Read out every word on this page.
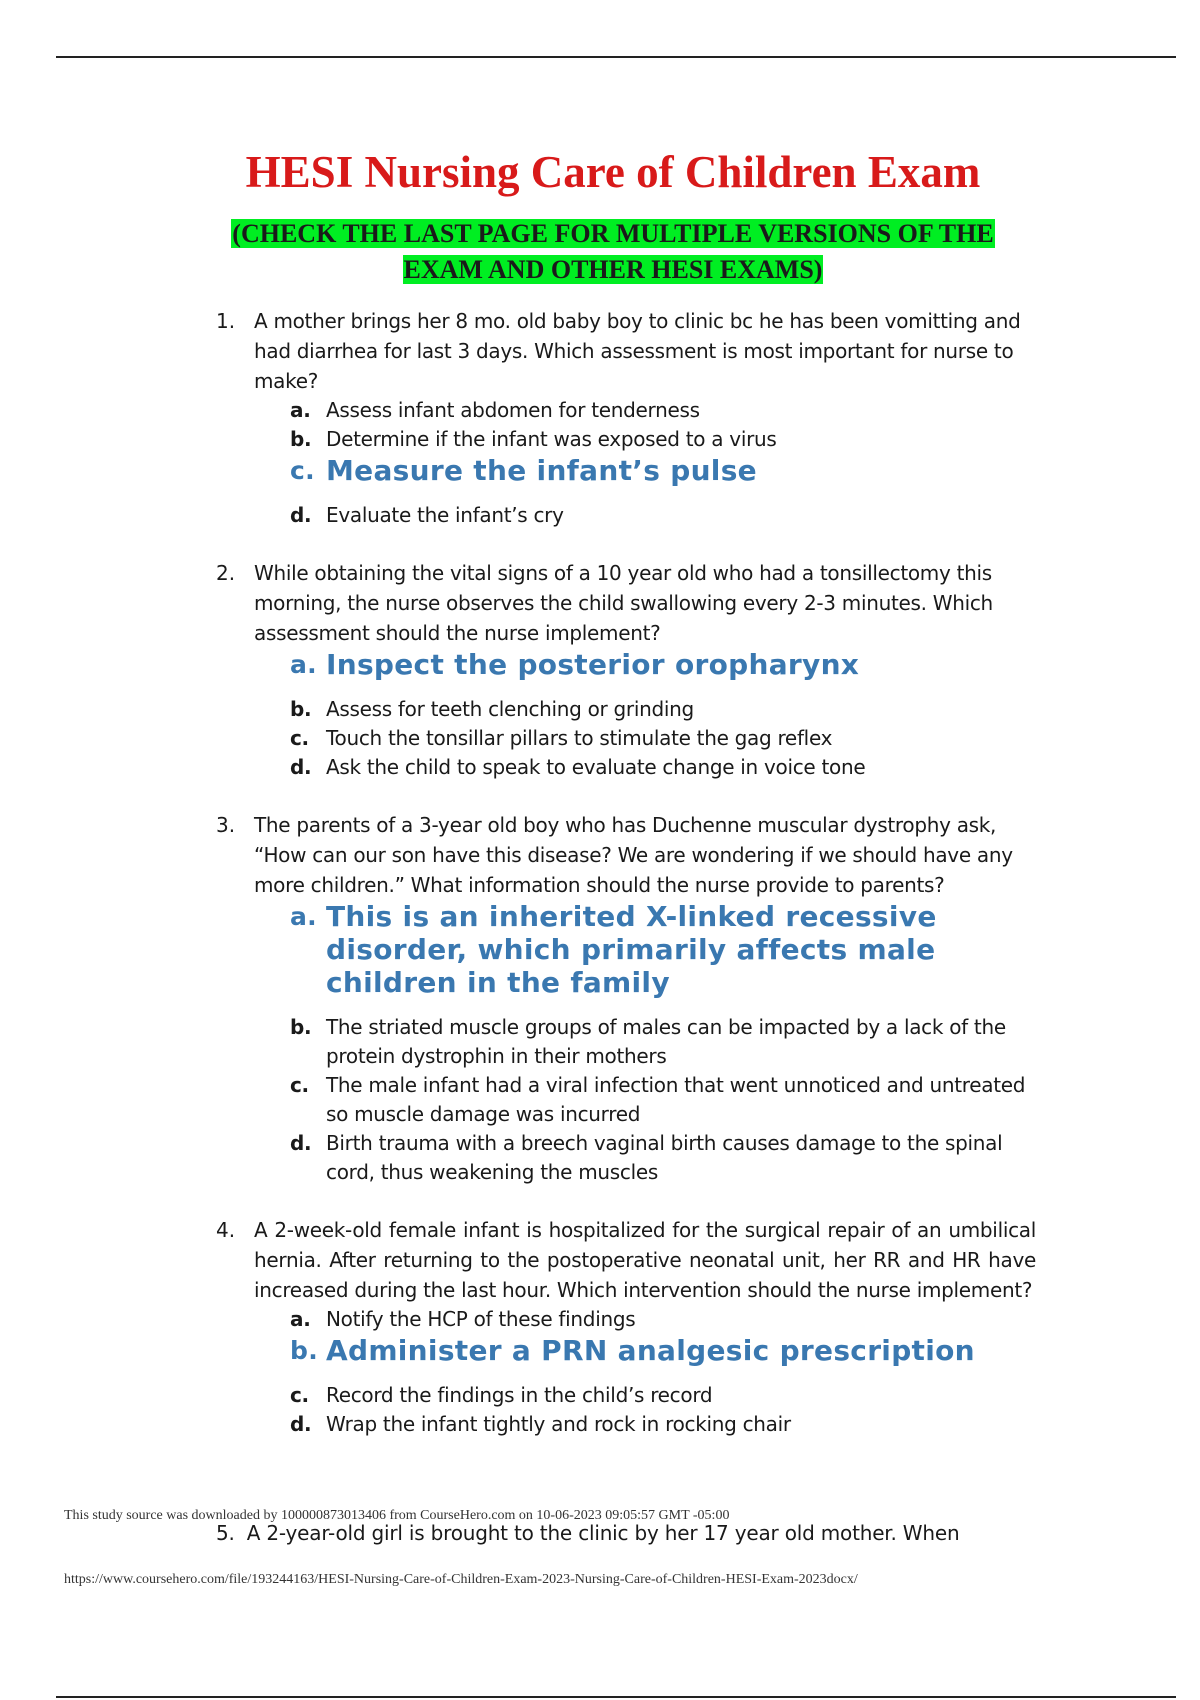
HESI Nursing Care of Children Exam
(CHECK THE LAST PAGE FOR MULTIPLE VERSIONS OF THE
EXAM AND OTHER HESI EXAMS)
1. A mother brings her 8 mo. old baby boy to clinic bc he has been vomitting and had diarrhea for last 3 days. Which assessment is most important for nurse to make?
a. Assess infant abdomen for tenderness
b. Determine if the infant was exposed to a virus
c. Measure the infant’s pulse
d. Evaluate the infant’s cry
2. While obtaining the vital signs of a 10 year old who had a tonsillectomy this morning, the nurse observes the child swallowing every 2-3 minutes. Which assessment should the nurse implement?
a. Inspect the posterior oropharynx
b. Assess for teeth clenching or grinding
c. Touch the tonsillar pillars to stimulate the gag reflex
d. Ask the child to speak to evaluate change in voice tone
3. The parents of a 3-year old boy who has Duchenne muscular dystrophy ask, “How can our son have this disease? We are wondering if we should have any more children.” What information should the nurse provide to parents?
a. This is an inherited X-linked recessive disorder, which primarily affects male children in the family
b. The striated muscle groups of males can be impacted by a lack of the protein dystrophin in their mothers
c. The male infant had a viral infection that went unnoticed and untreated so muscle damage was incurred
d. Birth trauma with a breech vaginal birth causes damage to the spinal cord, thus weakening the muscles
4. A 2-week-old female infant is hospitalized for the surgical repair of an umbilical hernia. After returning to the postoperative neonatal unit, her RR and HR have increased during the last hour. Which intervention should the nurse implement?
a. Notify the HCP of these findings
b. Administer a PRN analgesic prescription
c. Record the findings in the child’s record
d. Wrap the infant tightly and rock in rocking chair
5. A 2-year-old girl is brought to the clinic by her 17 year old mother. When
This study source was downloaded by 100000873013406 from CourseHero.com on 10-06-2023 09:05:57 GMT -05:00
https://www.coursehero.com/file/193244163/HESI-Nursing-Care-of-Children-Exam-2023-Nursing-Care-of-Children-HESI-Exam-2023docx/
